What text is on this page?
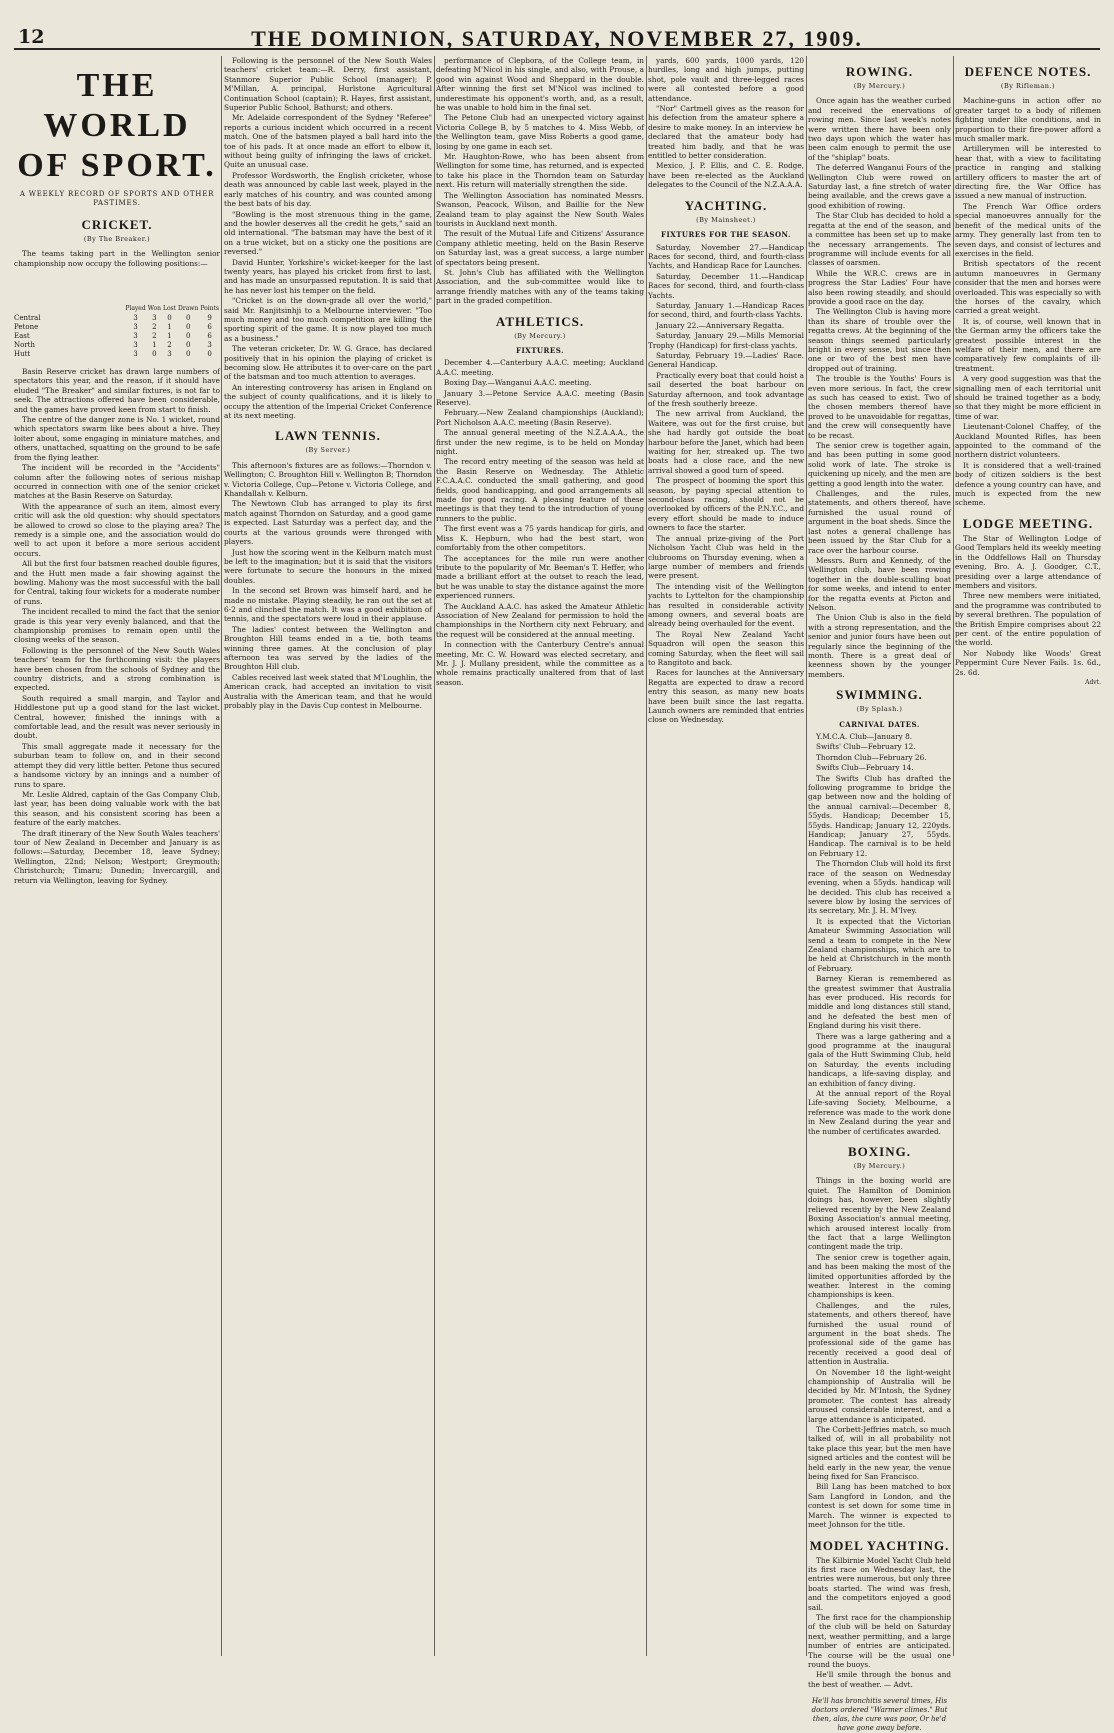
12	THE DOMINION, SATURDAY, NOVEMBER 27, 1909.
THE WORLD OF SPORT.
A WEEKLY RECORD OF SPORTS AND OTHER PASTIMES.
CRICKET.
(By The Breaker.)

The teams taking part in the Wellington senior championship now occupy the following positions:—

	Played	Won	Lost	Drawn	Points
Central	3	3	0	0	9
Petone	3	2	1	0	6
East	3	2	1	0	6
North	3	1	2	0	3
Hutt	3	0	3	0	0

Basin Reserve cricket has drawn large numbers of spectators this year, and the reason, if it should have eluded "The Breaker" and similar fixtures, is not far to seek. The attractions offered have been considerable, and the games have proved keen from start to finish.

The centre of the danger zone is No. 1 wicket, round which spectators swarm like bees about a hive. They loiter about, some engaging in miniature matches, and others, unattached, squatting on the ground to be safe from the flying leather.

The incident will be recorded in the "Accidents" column after the following notes of serious mishap occurred in connection with one of the senior cricket matches at the Basin Reserve on Saturday.

With the appearance of such an item, almost every critic will ask the old question: why should spectators be allowed to crowd so close to the playing area? The remedy is a simple one, and the association would do well to act upon it before a more serious accident occurs.

All but the first four batsmen reached double figures, and the Hutt men made a fair showing against the bowling. Mahony was the most successful with the ball for Central, taking four wickets for a moderate number of runs.

The incident recalled to mind the fact that the senior grade is this year very evenly balanced, and that the championship promises to remain open until the closing weeks of the season.

Following is the personnel of the New South Wales teachers' team for the forthcoming visit: the players have been chosen from the schools of Sydney and the country districts, and a strong combination is expected.

South required a small margin, and Taylor and Hiddlestone put up a good stand for the last wicket. Central, however, finished the innings with a comfortable lead, and the result was never seriously in doubt.

This small aggregate made it necessary for the suburban team to follow on, and in their second attempt they did very little better. Petone thus secured a handsome victory by an innings and a number of runs to spare.

Mr. Leslie Aldred, captain of the Gas Company Club, last year, has been doing valuable work with the bat this season, and his consistent scoring has been a feature of the early matches.

The draft itinerary of the New South Wales teachers' tour of New Zealand in December and January is as follows:—Saturday, December 18, leave Sydney; Wellington, 22nd; Nelson; Westport; Greymouth; Christchurch; Timaru; Dunedin; Invercargill, and return via Wellington, leaving for Sydney.

Following is the personnel of the New South Wales teachers' cricket team:—R. Derry, first assistant, Stanmore Superior Public School (manager); P. M'Millan, A. principal, Hurlstone Agricultural Continuation School (captain); R. Hayes, first assistant, Superior Public School, Bathurst; and others.

Mr. Adelaide correspondent of the Sydney "Referee" reports a curious incident which occurred in a recent match. One of the batsmen played a ball hard into the toe of his pads. It at once made an effort to elbow it, without being guilty of infringing the laws of cricket. Quite an unusual case.

Professor Wordsworth, the English cricketer, whose death was announced by cable last week, played in the early matches of his country, and was counted among the best bats of his day.

"Bowling is the most strenuous thing in the game, and the bowler deserves all the credit he gets," said an old international. "The batsman may have the best of it on a true wicket, but on a sticky one the positions are reversed."

David Hunter, Yorkshire's wicket-keeper for the last twenty years, has played his cricket from first to last, and has made an unsurpassed reputation. It is said that he has never lost his temper on the field.

"Cricket is on the down-grade all over the world," said Mr. Ranjitsinhji to a Melbourne interviewer. "Too much money and too much competition are killing the sporting spirit of the game. It is now played too much as a business."

The veteran cricketer, Dr. W. G. Grace, has declared positively that in his opinion the playing of cricket is becoming slow. He attributes it to over-care on the part of the batsman and too much attention to averages.

An interesting controversy has arisen in England on the subject of county qualifications, and it is likely to occupy the attention of the Imperial Cricket Conference at its next meeting.

LAWN TENNIS.
(By Server.)

This afternoon's fixtures are as follows:—Thorndon v. Wellington; C. Broughton Hill v. Wellington B; Thorndon v. Victoria College, Cup—Petone v. Victoria College, and Khandallah v. Kelburn.

The Newtown Club has arranged to play its first match against Thorndon on Saturday, and a good game is expected. Last Saturday was a perfect day, and the courts at the various grounds were thronged with players.

Just how the scoring went in the Kelburn match must be left to the imagination; but it is said that the visitors were fortunate to secure the honours in the mixed doubles.

In the second set Brown was himself hard, and he made no mistake. Playing steadily, he ran out the set at 6-2 and clinched the match. It was a good exhibition of tennis, and the spectators were loud in their applause.

The ladies' contest between the Wellington and Broughton Hill teams ended in a tie, both teams winning three games. At the conclusion of play afternoon tea was served by the ladies of the Broughton Hill club.

Cables received last week stated that M'Loughlin, the American crack, had accepted an invitation to visit Australia with the American team, and that he would probably play in the Davis Cup contest in Melbourne.

performance of Clepbora, of the College team, in defeating M'Nicol in his single, and also, with Prouse, a good win against Wood and Sheppard in the double. After winning the first set M'Nicol was inclined to underestimate his opponent's worth, and, as a result, he was unable to hold him in the final set.

The Petone Club had an unexpected victory against Victoria College B, by 5 matches to 4. Miss Webb, of the Wellington team, gave Miss Roberts a good game, losing by one game in each set.

Mr. Haughton-Rowe, who has been absent from Wellington for some time, has returned, and is expected to take his place in the Thorndon team on Saturday next. His return will materially strengthen the side.

The Wellington Association has nominated Messrs. Swanson, Peacock, Wilson, and Baillie for the New Zealand team to play against the New South Wales tourists in Auckland next month.

The result of the Mutual Life and Citizens' Assurance Company athletic meeting, held on the Basin Reserve on Saturday last, was a great success, a large number of spectators being present.

St. John's Club has affiliated with the Wellington Association, and the sub-committee would like to arrange friendly matches with any of the teams taking part in the graded competition.

ATHLETICS.
(By Mercury.)
FIXTURES.

December 4.—Canterbury A.A.C. meeting; Auckland A.A.C. meeting.

Boxing Day.—Wanganui A.A.C. meeting.

January 3.—Petone Service A.A.C. meeting (Basin Reserve).

February.—New Zealand championships (Auckland); Port Nicholson A.A.C. meeting (Basin Reserve).

The annual general meeting of the N.Z.A.A.A., the first under the new regime, is to be held on Monday night.

The record entry meeting of the season was held at the Basin Reserve on Wednesday. The Athletic F.C.A.A.C. conducted the small gathering, and good fields, good handicapping, and good arrangements all made for good racing. A pleasing feature of these meetings is that they tend to the introduction of young runners to the public.

The first event was a 75 yards handicap for girls, and Miss K. Hepburn, who had the best start, won comfortably from the other competitors.

The acceptances for the mile run were another tribute to the popularity of Mr. Beeman's T. Heffer, who made a brilliant effort at the outset to reach the lead, but he was unable to stay the distance against the more experienced runners.

The Auckland A.A.C. has asked the Amateur Athletic Association of New Zealand for permission to hold the championships in the Northern city next February, and the request will be considered at the annual meeting.

In connection with the Canterbury Centre's annual meeting, Mr. C. W. Howard was elected secretary, and Mr. J. J. Mullany president, while the committee as a whole remains practically unaltered from that of last season.

yards, 600 yards, 1000 yards, 120 hurdles, long and high jumps, putting shot, pole vault and three-legged races were all contested before a good attendance.

"Nor" Cartmell gives as the reason for his defection from the amateur sphere a desire to make money. In an interview he declared that the amateur body had treated him badly, and that he was entitled to better consideration.

Mexico, J. P. Ellis, and C. E. Rodge, have been re-elected as the Auckland delegates to the Council of the N.Z.A.A.A.

YACHTING.
(By Mainsheet.)
FIXTURES FOR THE SEASON.

Saturday, November 27.—Handicap Races for second, third, and fourth-class Yachts, and Handicap Race for Launches.

Saturday, December 11.—Handicap Races for second, third, and fourth-class Yachts.

Saturday, January 1.—Handicap Races for second, third, and fourth-class Yachts.

January 22.—Anniversary Regatta.

Saturday, January 29.—Mills Memorial Trophy (Handicap) for first-class yachts.

Saturday, February 19.—Ladies' Race. General Handicap.

Practically every boat that could hoist a sail deserted the boat harbour on Saturday afternoon, and took advantage of the fresh southerly breeze.

The new arrival from Auckland, the Waitere, was out for the first cruise, but she had hardly got outside the boat harbour before the Janet, which had been waiting for her, streaked up. The two boats had a close race, and the new arrival showed a good turn of speed.

The prospect of booming the sport this season, by paying special attention to second-class racing, should not be overlooked by officers of the P.N.Y.C., and every effort should be made to induce owners to face the starter.

The annual prize-giving of the Port Nicholson Yacht Club was held in the clubrooms on Thursday evening, when a large number of members and friends were present.

The intending visit of the Wellington yachts to Lyttelton for the championship has resulted in considerable activity among owners, and several boats are already being overhauled for the event.

The Royal New Zealand Yacht Squadron will open the season this coming Saturday, when the fleet will sail to Rangitoto and back.

Races for launches at the Anniversary Regatta are expected to draw a record entry this season, as many new boats have been built since the last regatta. Launch owners are reminded that entries close on Wednesday.

ROWING.
(By Mercury.)

Once again has the weather curbed and received the enervations of rowing men. Since last week's notes were written there have been only two days upon which the water has been calm enough to permit the use of the "shiplap" boats.

The deferred Wanganui Fours of the Wellington Club were rowed on Saturday last, a fine stretch of water being available, and the crews gave a good exhibition of rowing.

The Star Club has decided to hold a regatta at the end of the season, and a committee has been set up to make the necessary arrangements. The programme will include events for all classes of oarsmen.

While the W.R.C. crews are in progress the Star Ladies' Four have also been rowing steadily, and should provide a good race on the day.

The Wellington Club is having more than its share of trouble over the regatta crews. At the beginning of the season things seemed particularly bright in every sense, but since then one or two of the best men have dropped out of training.

The trouble is the Youths' Fours is even more serious. In fact, the crew as such has ceased to exist. Two of the chosen members thereof have proved to be unavoidable for regattas, and the crew will consequently have to be recast.

The senior crew is together again, and has been putting in some good solid work of late. The stroke is quickening up nicely, and the men are getting a good length into the water.

Challenges, and the rules, statements, and others thereof, have furnished the usual round of argument in the boat sheds. Since the last notes a general challenge has been issued by the Star Club for a race over the harbour course.

Messrs. Burn and Kennedy, of the Wellington club, have been rowing together in the double-sculling boat for some weeks, and intend to enter for the regatta events at Picton and Nelson.

The Union Club is also in the field with a strong representation, and the senior and junior fours have been out regularly since the beginning of the month. There is a great deal of keenness shown by the younger members.

SWIMMING.
(By Splash.)
CARNIVAL DATES.

Y.M.C.A. Club—January 8.

Swifts' Club—February 12.

Thorndon Club—February 26.

Swifts Club—February 14.

The Swifts Club has drafted the following programme to bridge the gap between now and the holding of the annual carnival:—December 8, 55yds. Handicap; December 15, 55yds. Handicap; January 12, 220yds. Handicap; January 27, 55yds. Handicap. The carnival is to be held on February 12.

The Thorndon Club will hold its first race of the season on Wednesday evening, when a 55yds. handicap will be decided. This club has received a severe blow by losing the services of its secretary, Mr. J. H. M'Ivey.

It is expected that the Victorian Amateur Swimming Association will send a team to compete in the New Zealand championships, which are to be held at Christchurch in the month of February.

Barney Kieran is remembered as the greatest swimmer that Australia has ever produced. His records for middle and long distances still stand, and he defeated the best men of England during his visit there.

There was a large gathering and a good programme at the inaugural gala of the Hutt Swimming Club, held on Saturday, the events including handicaps, a life-saving display, and an exhibition of fancy diving.

At the annual report of the Royal Life-saving Society, Melbourne, a reference was made to the work done in New Zealand during the year and the number of certificates awarded.

BOXING.
(By Mercury.)

Things in the boxing world are quiet. The Hamilton of Dominion doings has, however, been slightly relieved recently by the New Zealand Boxing Association's annual meeting, which aroused interest locally from the fact that a large Wellington contingent made the trip.

The senior crew is together again, and has been making the most of the limited opportunities afforded by the weather. Interest in the coming championships is keen.

Challenges, and the rules, statements, and others thereof, have furnished the usual round of argument in the boat sheds. The professional side of the game has recently received a good deal of attention in Australia.

On November 18 the light-weight championship of Australia will be decided by Mr. M'Intosh, the Sydney promoter. The contest has already aroused considerable interest, and a large attendance is anticipated.

The Corbett-Jeffries match, so much talked of, will in all probability not take place this year, but the men have signed articles and the contest will be held early in the new year, the venue being fixed for San Francisco.

Bill Lang has been matched to box Sam Langford in London, and the contest is set down for some time in March. The winner is expected to meet Johnson for the title.

MODEL YACHTING.

The Kilbirnie Model Yacht Club held its first race on Wednesday last, the entries were numerous, but only three boats started. The wind was fresh, and the competitors enjoyed a good sail.

The first race for the championship of the club will be held on Saturday next, weather permitting, and a large number of entries are anticipated. The course will be the usual one round the buoys.

He'll smile through the bonus and the best of weather. — Advt.

He'll has bronchitis several times, His doctors ordered "Warmer climes." But then, alas, the cure was poor, Or he'd have gone away before.
DEFENCE NOTES.
(By Rifleman.)

Machine-guns in action offer no greater target to a body of riflemen fighting under like conditions, and in proportion to their fire-power afford a much smaller mark.

Artillerymen will be interested to hear that, with a view to facilitating practice in ranging and stalking artillery officers to master the art of directing fire, the War Office has issued a new manual of instruction.

The French War Office orders special manoeuvres annually for the benefit of the medical units of the army. They generally last from ten to seven days, and consist of lectures and exercises in the field.

British spectators of the recent autumn manoeuvres in Germany consider that the men and horses were overloaded. This was especially so with the horses of the cavalry, which carried a great weight.

It is, of course, well known that in the German army the officers take the greatest possible interest in the welfare of their men, and there are comparatively few complaints of ill-treatment.

A very good suggestion was that the signalling men of each territorial unit should be trained together as a body, so that they might be more efficient in time of war.

Lieutenant-Colonel Chaffey, of the Auckland Mounted Rifles, has been appointed to the command of the northern district volunteers.

It is considered that a well-trained body of citizen soldiers is the best defence a young country can have, and much is expected from the new scheme.

LODGE MEETING.

The Star of Wellington Lodge of Good Templars held its weekly meeting in the Oddfellows Hall on Thursday evening, Bro. A. J. Goodger, C.T., presiding over a large attendance of members and visitors.

Three new members were initiated, and the programme was contributed to by several brethren. The population of the British Empire comprises about 22 per cent. of the entire population of the world.

Nor Nobody like Woods' Great Peppermint Cure Never Fails. 1s. 6d., 2s. 6d.

Advt.
